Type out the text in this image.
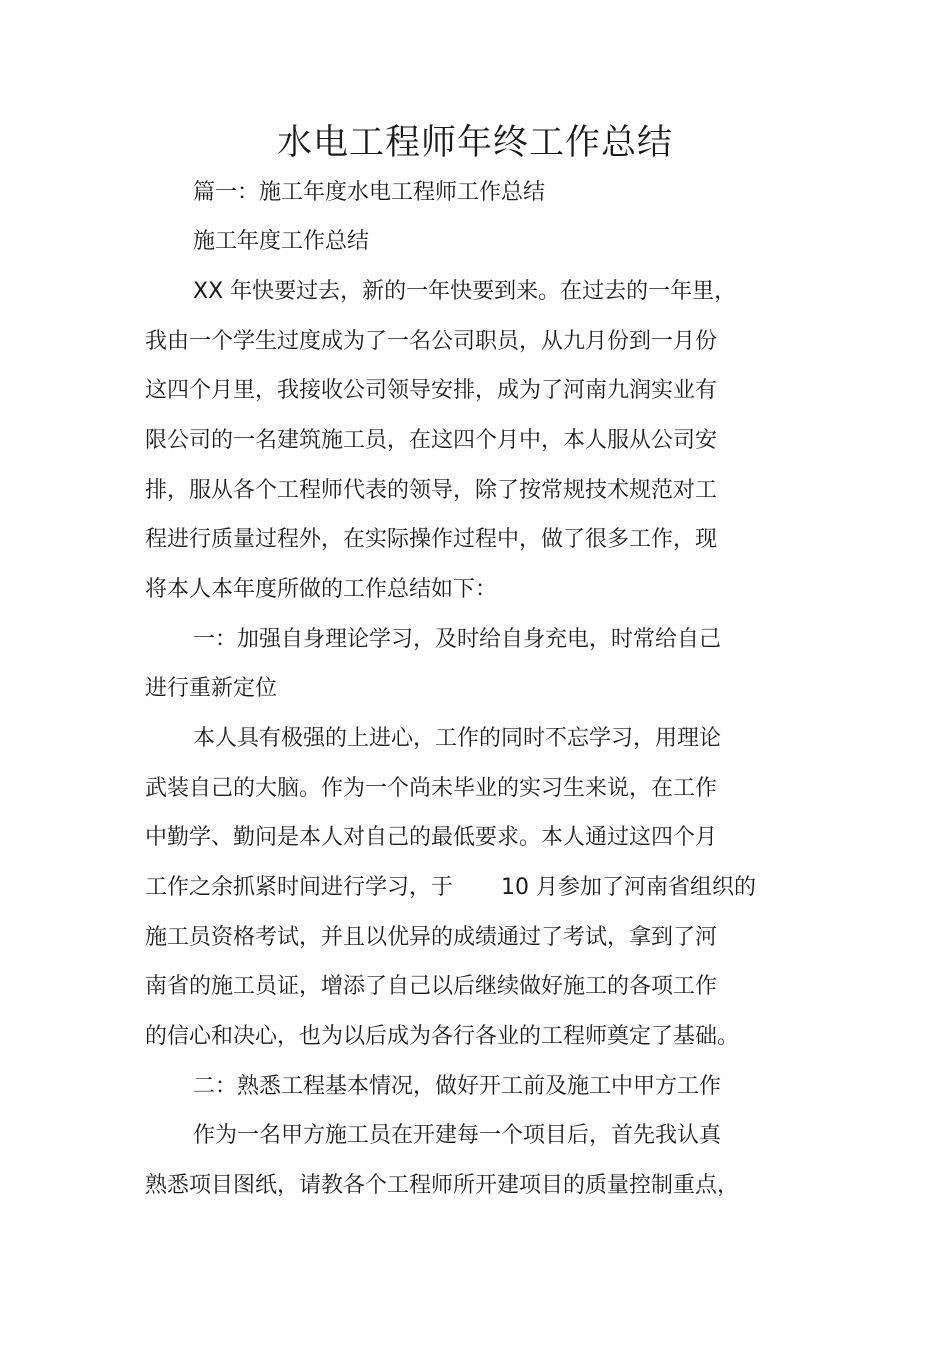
水电工程师年终工作总结
篇一：施工年度水电工程师工作总结
施工年度工作总结
XX 年快要过去，新的一年快要到来。在过去的一年里，
我由一个学生过度成为了一名公司职员，从九月份到一月份
这四个月里，我接收公司领导安排，成为了河南九润实业有
限公司的一名建筑施工员，在这四个月中，本人服从公司安
排，服从各个工程师代表的领导，除了按常规技术规范对工
程进行质量过程外，在实际操作过程中，做了很多工作，现
将本人本年度所做的工作总结如下：
一：加强自身理论学习，及时给自身充电，时常给自己
进行重新定位
本人具有极强的上进心，工作的同时不忘学习，用理论
武装自己的大脑。作为一个尚未毕业的实习生来说，在工作
中勤学、勤问是本人对自己的最低要求。本人通过这四个月
工作之余抓紧时间进行学习，于 10 月参加了河南省组织的
施工员资格考试，并且以优异的成绩通过了考试，拿到了河
南省的施工员证，增添了自己以后继续做好施工的各项工作
的信心和决心，也为以后成为各行各业的工程师奠定了基础。
二：熟悉工程基本情况，做好开工前及施工中甲方工作
作为一名甲方施工员在开建每一个项目后，首先我认真
熟悉项目图纸，请教各个工程师所开建项目的质量控制重点，
